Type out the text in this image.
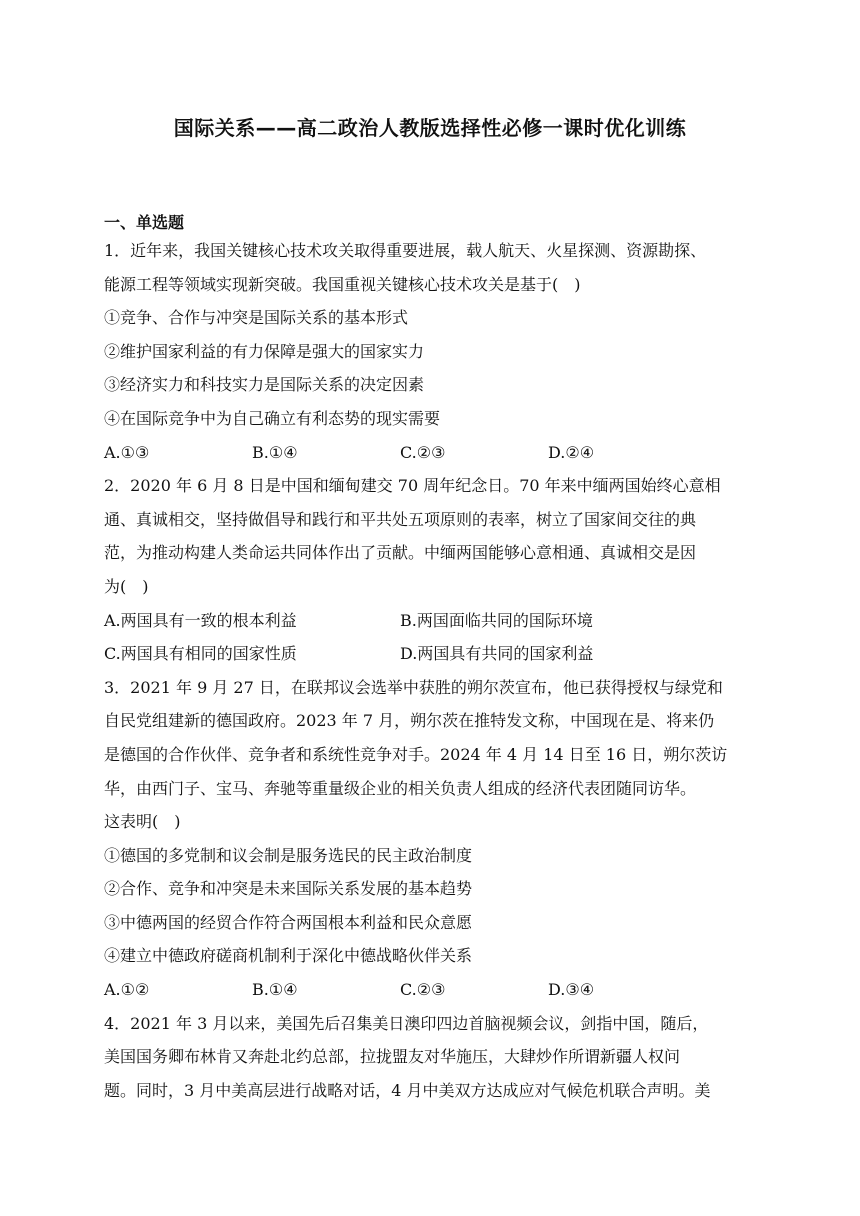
国际关系——高二政治人教版选择性必修一课时优化训练
一、单选题
1．近年来，我国关键核心技术攻关取得重要进展，载人航天、火星探测、资源勘探、
能源工程等领域实现新突破。我国重视关键核心技术攻关是基于(　)
①竞争、合作与冲突是国际关系的基本形式
②维护国家利益的有力保障是强大的国家实力
③经济实力和科技实力是国际关系的决定因素
④在国际竞争中为自己确立有利态势的现实需要
A.①③	B.①④	C.②③	D.②④
2．2020 年 6 月 8 日是中国和缅甸建交 70 周年纪念日。70 年来中缅两国始终心意相
通、真诚相交，坚持做倡导和践行和平共处五项原则的表率，树立了国家间交往的典
范，为推动构建人类命运共同体作出了贡献。中缅两国能够心意相通、真诚相交是因
为(　)
A.两国具有一致的根本利益	B.两国面临共同的国际环境
C.两国具有相同的国家性质	D.两国具有共同的国家利益
3．2021 年 9 月 27 日，在联邦议会选举中获胜的朔尔茨宣布，他已获得授权与绿党和
自民党组建新的德国政府。2023 年 7 月，朔尔茨在推特发文称，中国现在是、将来仍
是德国的合作伙伴、竞争者和系统性竞争对手。2024 年 4 月 14 日至 16 日，朔尔茨访
华，由西门子、宝马、奔驰等重量级企业的相关负责人组成的经济代表团随同访华。
这表明(　)
①德国的多党制和议会制是服务选民的民主政治制度
②合作、竞争和冲突是未来国际关系发展的基本趋势
③中德两国的经贸合作符合两国根本利益和民众意愿
④建立中德政府磋商机制利于深化中德战略伙伴关系
A.①②	B.①④	C.②③	D.③④
4．2021 年 3 月以来，美国先后召集美日澳印四边首脑视频会议，剑指中国，随后，
美国国务卿布林肯又奔赴北约总部，拉拢盟友对华施压，大肆炒作所谓新疆人权问
题。同时，3 月中美高层进行战略对话，4 月中美双方达成应对气候危机联合声明。美
